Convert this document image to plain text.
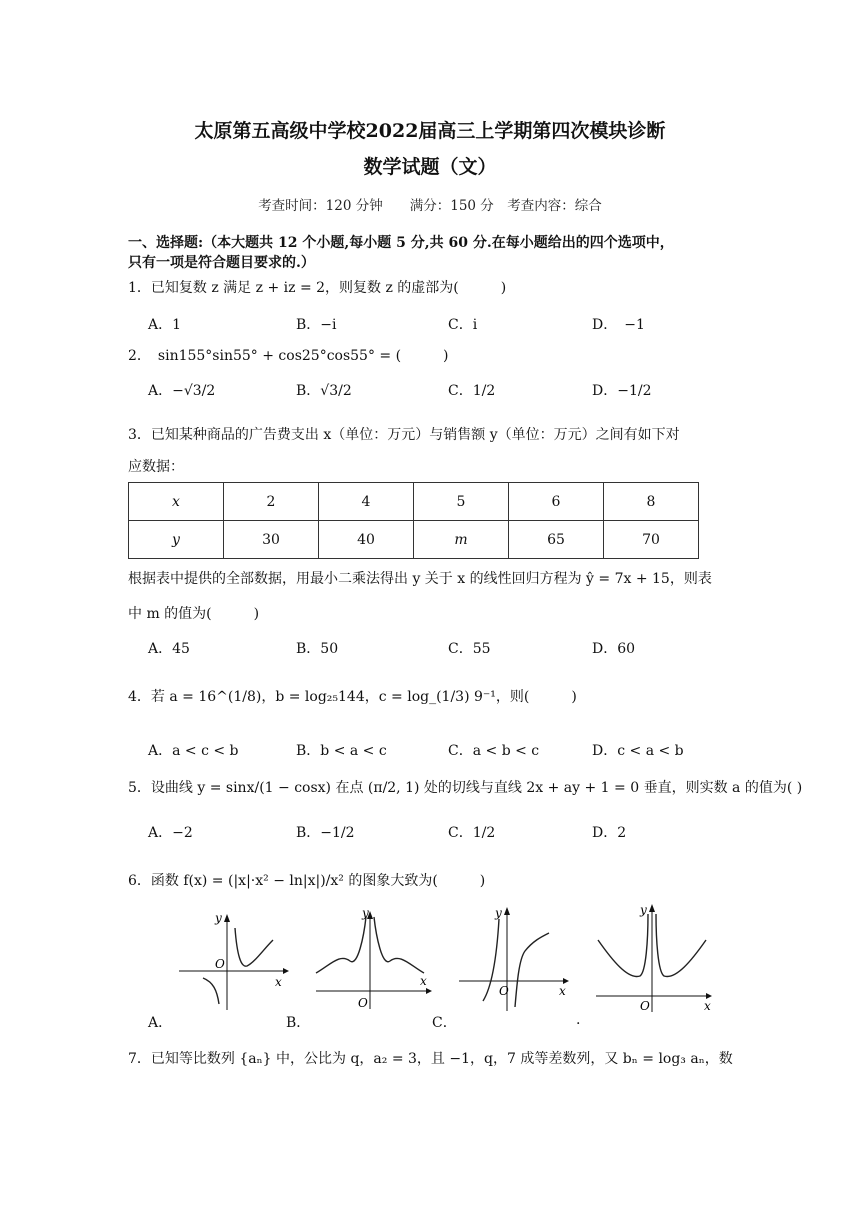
太原第五高级中学校2022届高三上学期第四次模块诊断
数学试题（文）
考查时间：120 分钟　　满分：150 分　考查内容：综合
一、选择题:（本大题共 12 个小题,每小题 5 分,共 60 分.在每小题给出的四个选项中，
只有一项是符合题目要求的.）
1．已知复数 z 满足 z + iz = 2，则复数 z 的虚部为(　　　)
A．1	B．−i	C．i	D．　−1
2．　sin155°sin55° + cos25°cos55° = (　　　)
A．−√3/2	B．√3/2	C．1/2	D．−1/2
3．已知某种商品的广告费支出 x（单位：万元）与销售额 y（单位：万元）之间有如下对
应数据：
x	2	4	5	6	8
y	30	40	m	65	70
根据表中提供的全部数据，用最小二乘法得出 y 关于 x 的线性回归方程为 ŷ = 7x + 15，则表
中 m 的值为(　　　)
A．45	B．50	C．55	D．60
4．若 a = 16^(1/8)，b = log₂₅144，c = log_(1/3) 9⁻¹，则(　　　)
A．a < c < b	B．b < a < c	C．a < b < c	D．c < a < b
5．设曲线 y = sinx/(1 − cosx) 在点 (π/2, 1) 处的切线与直线 2x + ay + 1 = 0 垂直，则实数 a 的值为( )
A．−2	B．−1/2	C．1/2	D．2
6．函数 f(x) = (|x|·x² − ln|x|)/x² 的图象大致为(　　　)
y
x
O
y
x
O
y
x
O
y
x
O
A．	B．	C．	.
7．已知等比数列 {aₙ} 中，公比为 q，a₂ = 3，且 −1，q，7 成等差数列，又 bₙ = log₃ aₙ，数
